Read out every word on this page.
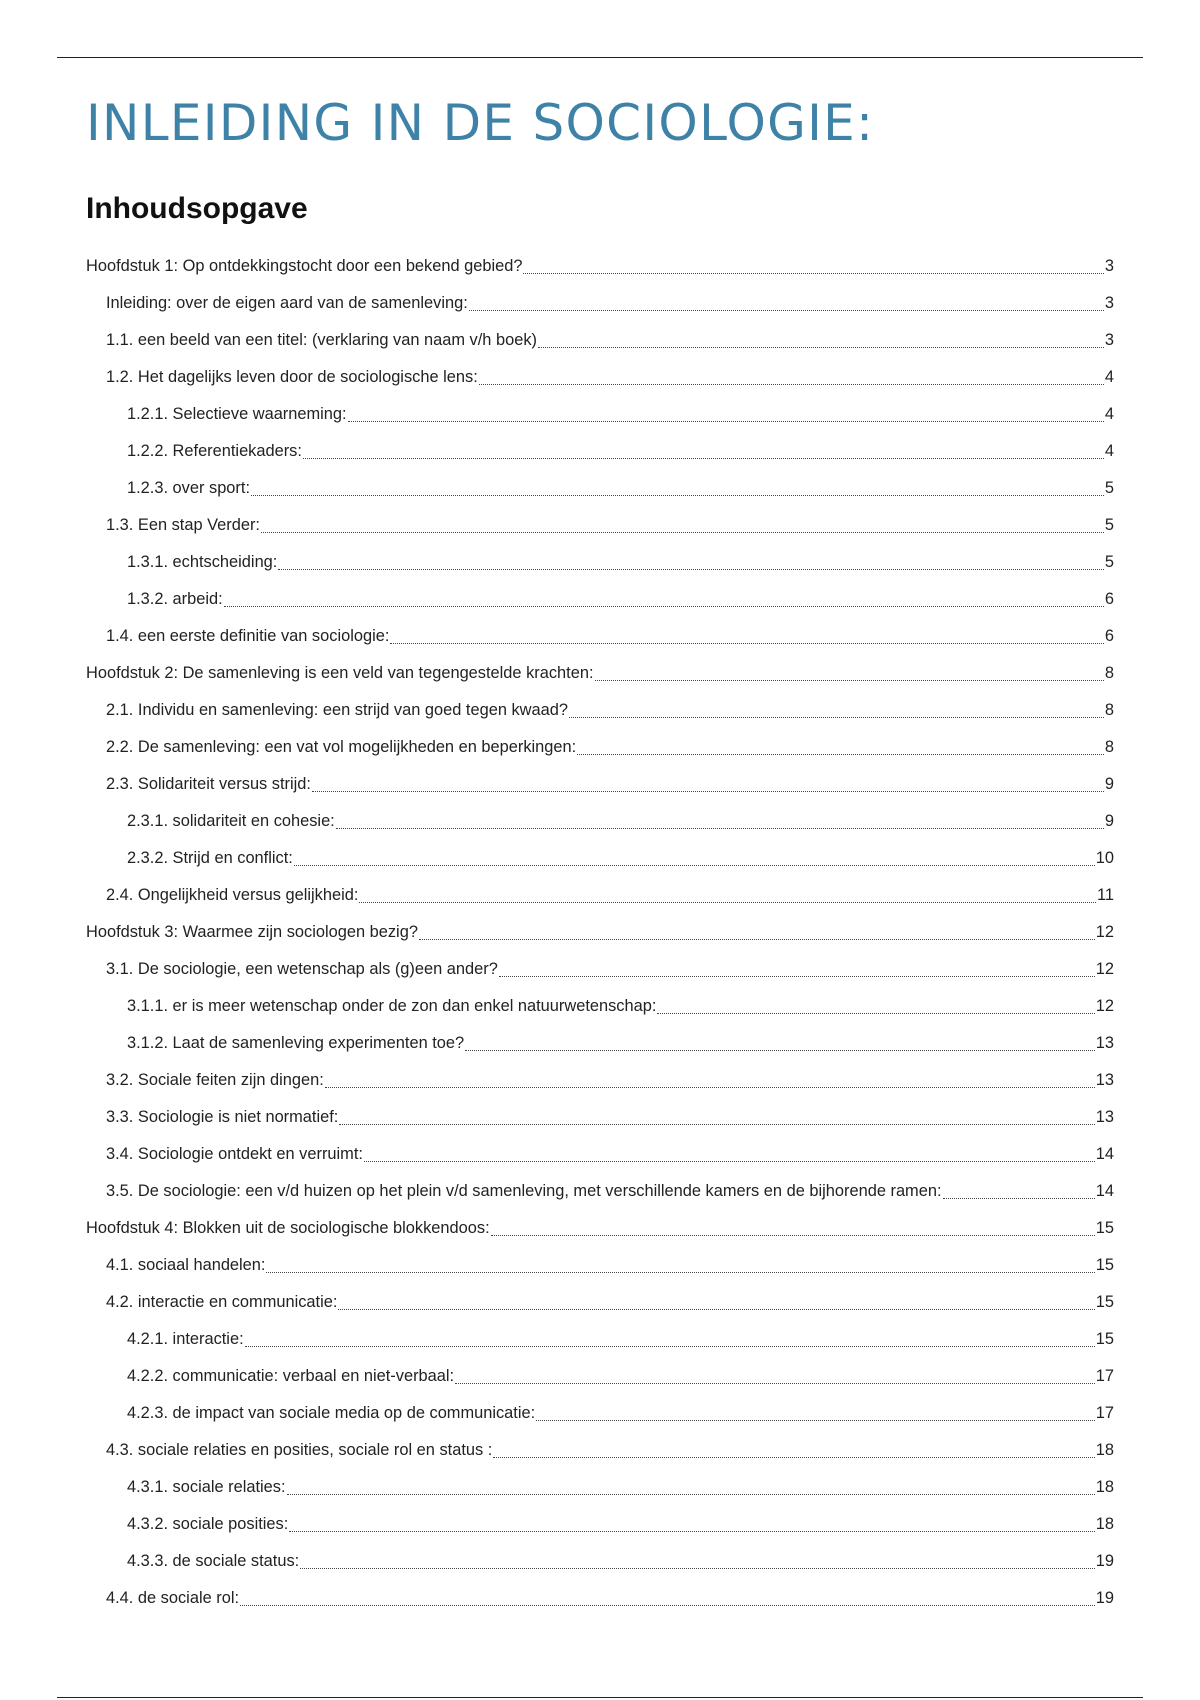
INLEIDING IN DE SOCIOLOGIE:
Inhoudsopgave
Hoofdstuk 1: Op ontdekkingstocht door een bekend gebied?	3
Inleiding: over de eigen aard van de samenleving:	3
1.1. een beeld van een titel: (verklaring van naam v/h boek)	3
1.2. Het dagelijks leven door de sociologische lens:	4
1.2.1. Selectieve waarneming:	4
1.2.2. Referentiekaders:	4
1.2.3. over sport:	5
1.3. Een stap Verder:	5
1.3.1. echtscheiding:	5
1.3.2. arbeid:	6
1.4. een eerste definitie van sociologie:	6
Hoofdstuk 2: De samenleving is een veld van tegengestelde krachten:	8
2.1. Individu en samenleving: een strijd van goed tegen kwaad?	8
2.2. De samenleving: een vat vol mogelijkheden en beperkingen:	8
2.3. Solidariteit versus strijd:	9
2.3.1. solidariteit en cohesie:	9
2.3.2. Strijd en conflict:	10
2.4. Ongelijkheid versus gelijkheid:	11
Hoofdstuk 3: Waarmee zijn sociologen bezig?	12
3.1. De sociologie, een wetenschap als (g)een ander?	12
3.1.1. er is meer wetenschap onder de zon dan enkel natuurwetenschap:	12
3.1.2. Laat de samenleving experimenten toe?	13
3.2. Sociale feiten zijn dingen:	13
3.3. Sociologie is niet normatief:	13
3.4. Sociologie ontdekt en verruimt:	14
3.5. De sociologie: een v/d huizen op het plein v/d samenleving, met verschillende kamers en de bijhorende ramen:	14
Hoofdstuk 4: Blokken uit de sociologische blokkendoos:	15
4.1. sociaal handelen:	15
4.2. interactie en communicatie:	15
4.2.1. interactie:	15
4.2.2. communicatie: verbaal en niet-verbaal:	17
4.2.3. de impact van sociale media op de communicatie:	17
4.3. sociale relaties en posities, sociale rol en status :	18
4.3.1. sociale relaties:	18
4.3.2. sociale posities:	18
4.3.3. de sociale status:	19
4.4. de sociale rol:	19
